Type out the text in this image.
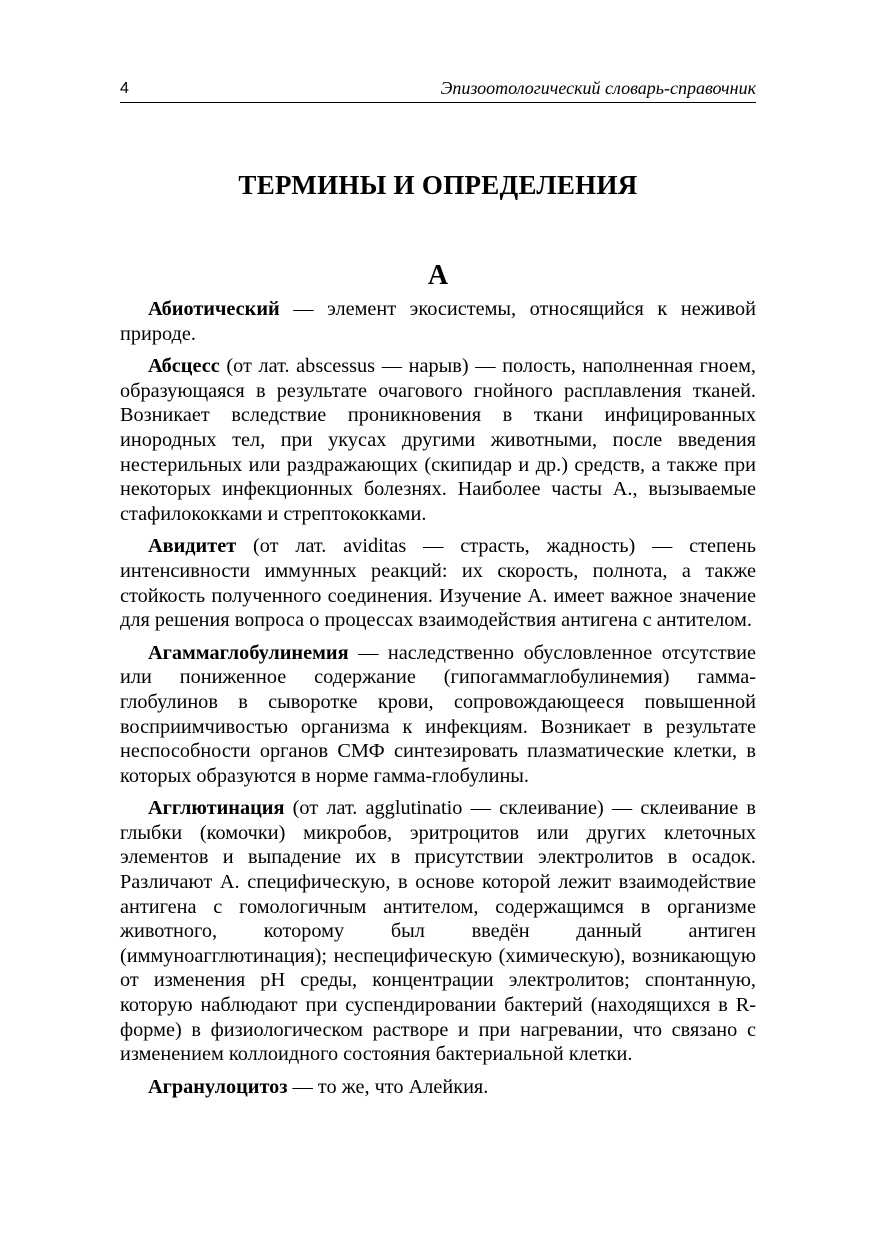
4	Эпизоотологический словарь-справочник
ТЕРМИНЫ И ОПРЕДЕЛЕНИЯ
А

Абиотический — элемент экосистемы, относящийся к неживой природе.

Абсцесс (от лат. abscessus — нарыв) — полость, наполненная гноем, образующаяся в результате очагового гнойного расплавления тканей. Возникает вследствие проникновения в ткани инфицированных инородных тел, при укусах другими животными, после введения нестерильных или раздражающих (скипидар и др.) средств, а также при некоторых инфекционных болезнях. Наиболее часты А., вызываемые стафилококками и стрептококками.

Авидитет (от лат. aviditas — страсть, жадность) — степень интенсивности иммунных реакций: их скорость, полнота, а также стойкость полученного соединения. Изучение А. имеет важное значение для решения вопроса о процессах взаимодействия антигена с антителом.

Агаммаглобулинемия — наследственно обусловленное отсутствие или пониженное содержание (гипогаммаглобулинемия) гамма-глобулинов в сыворотке крови, сопровождающееся повышенной восприимчивостью организма к инфекциям. Возникает в результате неспособности органов СМФ синтезировать плазматические клетки, в которых образуются в норме гамма-глобулины.

Агглютинация (от лат. agglutinatio — склеивание) — склеивание в глыбки (комочки) микробов, эритроцитов или других клеточных элементов и выпадение их в присутствии электролитов в осадок. Различают А. специфическую, в основе которой лежит взаимодействие антигена с гомологичным антителом, содержащимся в организме животного, которому был введён данный антиген (иммуноагглютинация); неспецифическую (химическую), возникающую от изменения pH среды, концентрации электролитов; спонтанную, которую наблюдают при суспендировании бактерий (находящихся в R-форме) в физиологическом растворе и при нагревании, что связано с изменением коллоидного состояния бактериальной клетки.

Агранулоцитоз — то же, что Алейкия.
